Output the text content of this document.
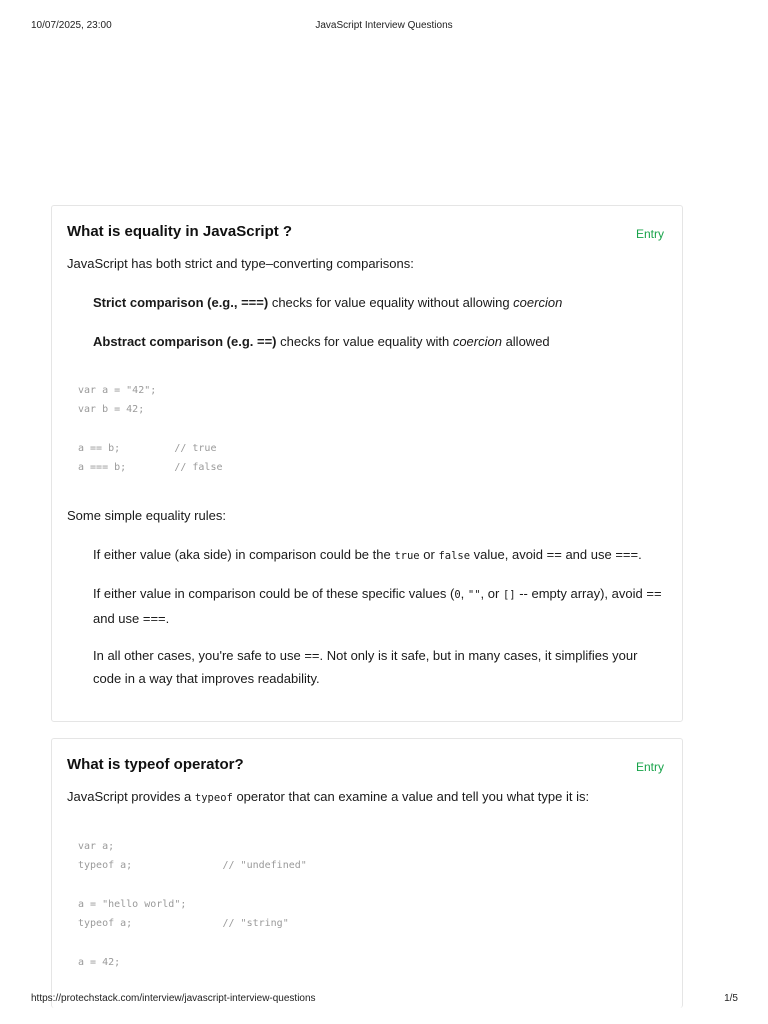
10/07/2025, 23:00	JavaScript Interview Questions
What is equality in JavaScript ?	Entry
JavaScript has both strict and type–converting comparisons:
Strict comparison (e.g., ===) checks for value equality without allowing coercion
Abstract comparison (e.g. ==) checks for value equality with coercion allowed
var a = "42";
var b = 42;

a == b;         // true
a === b;        // false
Some simple equality rules:
If either value (aka side) in comparison could be the true or false value, avoid == and use ===.
If either value in comparison could be of these specific values (0, "", or [] -- empty array), avoid == and use ===.
In all other cases, you're safe to use ==. Not only is it safe, but in many cases, it simplifies your code in a way that improves readability.
What is typeof operator?	Entry
JavaScript provides a typeof operator that can examine a value and tell you what type it is:
var a;
typeof a;               // "undefined"

a = "hello world";
typeof a;               // "string"

a = 42;
https://protechstack.com/interview/javascript-interview-questions	1/5
